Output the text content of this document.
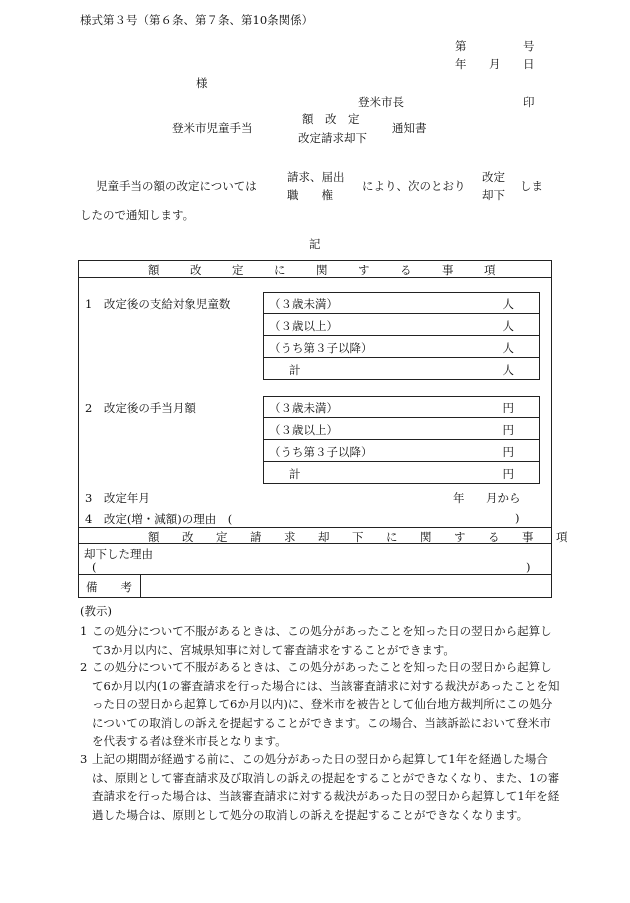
様式第３号（第６条、第７条、第10条関係）
第	号
年 月 日
様
登米市長	印
登米市児童手当
額　改　定
改定請求却下
通知書
児童手当の額の改定については
請求、届出
職　　権
により、次のとおり
改定
却下
しま
したので通知します。
記
額改定に関する事項
1　改定後の支給対象児童数	（３歳未満）	人
（３歳以上）	人
（うち第３子以降）	人
計	人
2　改定後の手当月額	（３歳未満）	円
（３歳以上）	円
（うち第３子以降）	円
計	円
3　改定年月	年 月から
4　改定(増・減額)の理由　(	)
額改定請求却下に関する事項
却下した理由
(	)
備　　考
(教示)
1 この処分について不服があるときは、この処分があったことを知った日の翌日から起算して3か月以内に、宮城県知事に対して審査請求をすることができます。
2 この処分について不服があるときは、この処分があったことを知った日の翌日から起算して6か月以内(1の審査請求を行った場合には、当該審査請求に対する裁決があったことを知った日の翌日から起算して6か月以内)に、登米市を被告として仙台地方裁判所にこの処分についての取消しの訴えを提起することができます。この場合、当該訴訟において登米市を代表する者は登米市長となります。
3 上記の期間が経過する前に、この処分があった日の翌日から起算して1年を経過した場合は、原則として審査請求及び取消しの訴えの提起をすることができなくなり、また、1の審査請求を行った場合は、当該審査請求に対する裁決があった日の翌日から起算して1年を経過した場合は、原則として処分の取消しの訴えを提起することができなくなります。
